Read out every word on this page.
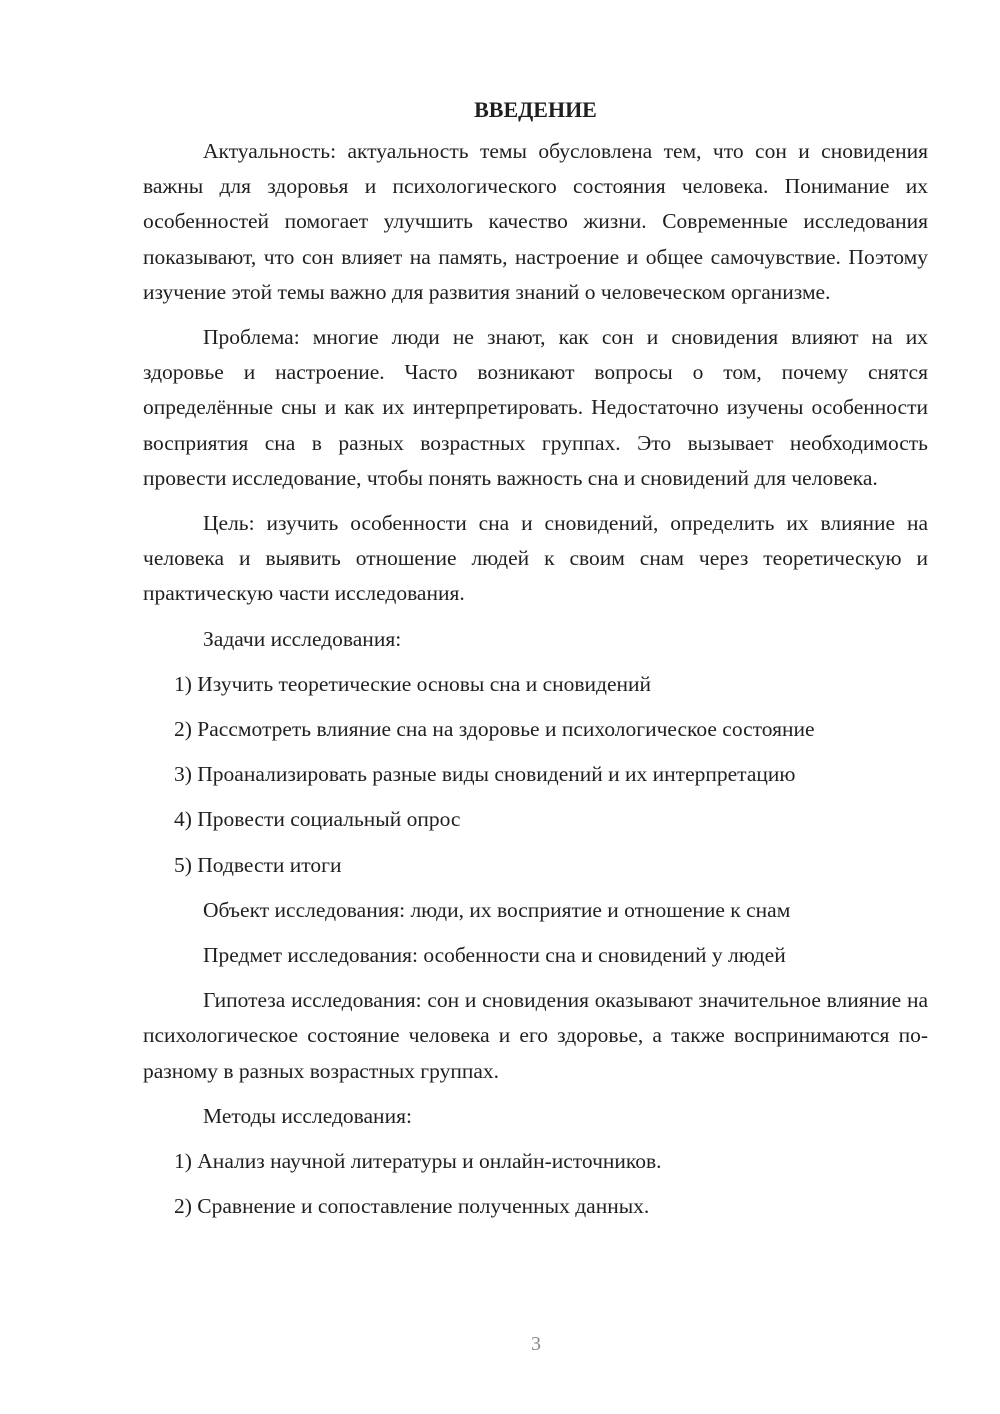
ВВЕДЕНИЕ

Актуальность: актуальность темы обусловлена тем, что сон и сновидения важны для здоровья и психологического состояния человека. Понимание их особенностей помогает улучшить качество жизни. Современные исследования показывают, что сон влияет на память, настроение и общее самочувствие. Поэтому изучение этой темы важно для развития знаний о человеческом организме.

Проблема: многие люди не знают, как сон и сновидения влияют на их здоровье и настроение. Часто возникают вопросы о том, почему снятся определённые сны и как их интерпретировать. Недостаточно изучены особенности восприятия сна в разных возрастных группах. Это вызывает необходимость провести исследование, чтобы понять важность сна и сновидений для человека.

Цель: изучить особенности сна и сновидений, определить их влияние на человека и выявить отношение людей к своим снам через теоретическую и практическую части исследования.

Задачи исследования:
1) Изучить теоретические основы сна и сновидений
2) Рассмотреть влияние сна на здоровье и психологическое состояние
3) Проанализировать разные виды сновидений и их интерпретацию
4) Провести социальный опрос
5) Подвести итоги
Объект исследования: люди, их восприятие и отношение к снам
Предмет исследования: особенности сна и сновидений у людей

Гипотеза исследования: сон и сновидения оказывают значительное влияние на психологическое состояние человека и его здоровье, а также воспринимаются по-разному в разных возрастных группах.

Методы исследования:
1) Анализ научной литературы и онлайн-источников.
2) Сравнение и сопоставление полученных данных.
3
